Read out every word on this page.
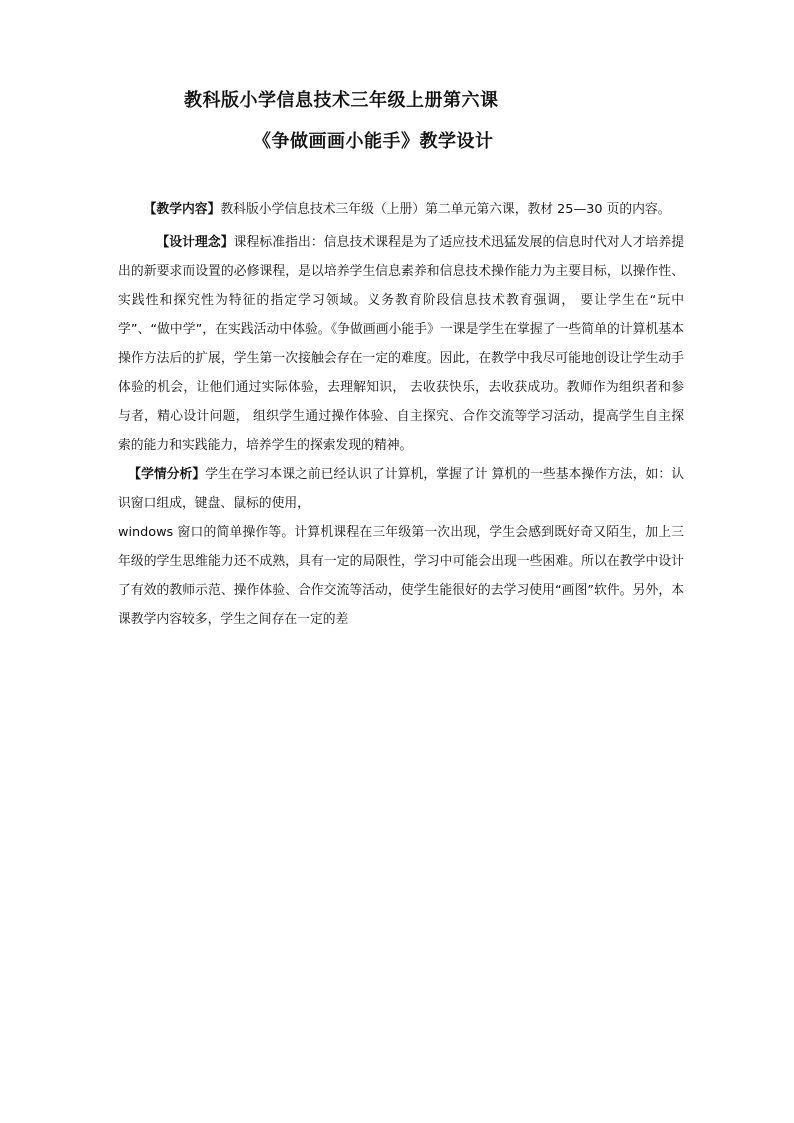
教科版小学信息技术三年级上册第六课
《争做画画小能手》教学设计

【教学内容】教科版小学信息技术三年级（上册）第二单元第六课，教材 25—30 页的内容。

【设计理念】课程标准指出：信息技术课程是为了适应技术迅猛发展的信息时代对人才培养提出的新要求而设置的必修课程，是以培养学生信息素养和信息技术操作能力为主要目标，以操作性、实践性和探究性为特征的指定学习领域。义务教育阶段信息技术教育强调， 要让学生在“玩中学”、“做中学”，在实践活动中体验。《争做画画小能手》一课是学生在掌握了一些简单的计算机基本操作方法后的扩展，学生第一次接触会存在一定的难度。因此，在教学中我尽可能地创设让学生动手体验的机会，让他们通过实际体验，去理解知识， 去收获快乐，去收获成功。教师作为组织者和参与者，精心设计问题， 组织学生通过操作体验、自主探究、合作交流等学习活动，提高学生自主探索的能力和实践能力，培养学生的探索发现的精神。

【学情分析】学生在学习本课之前已经认识了计算机，掌握了计 算机的一些基本操作方法，如：认识窗口组成，键盘、鼠标的使用，

windows 窗口的简单操作等。计算机课程在三年级第一次出现，学生会感到既好奇又陌生，加上三年级的学生思维能力还不成熟，具有一定的局限性，学习中可能会出现一些困难。所以在教学中设计了有效的教师示范、操作体验、合作交流等活动，使学生能很好的去学习使用“画图”软件。另外，本课教学内容较多，学生之间存在一定的差
